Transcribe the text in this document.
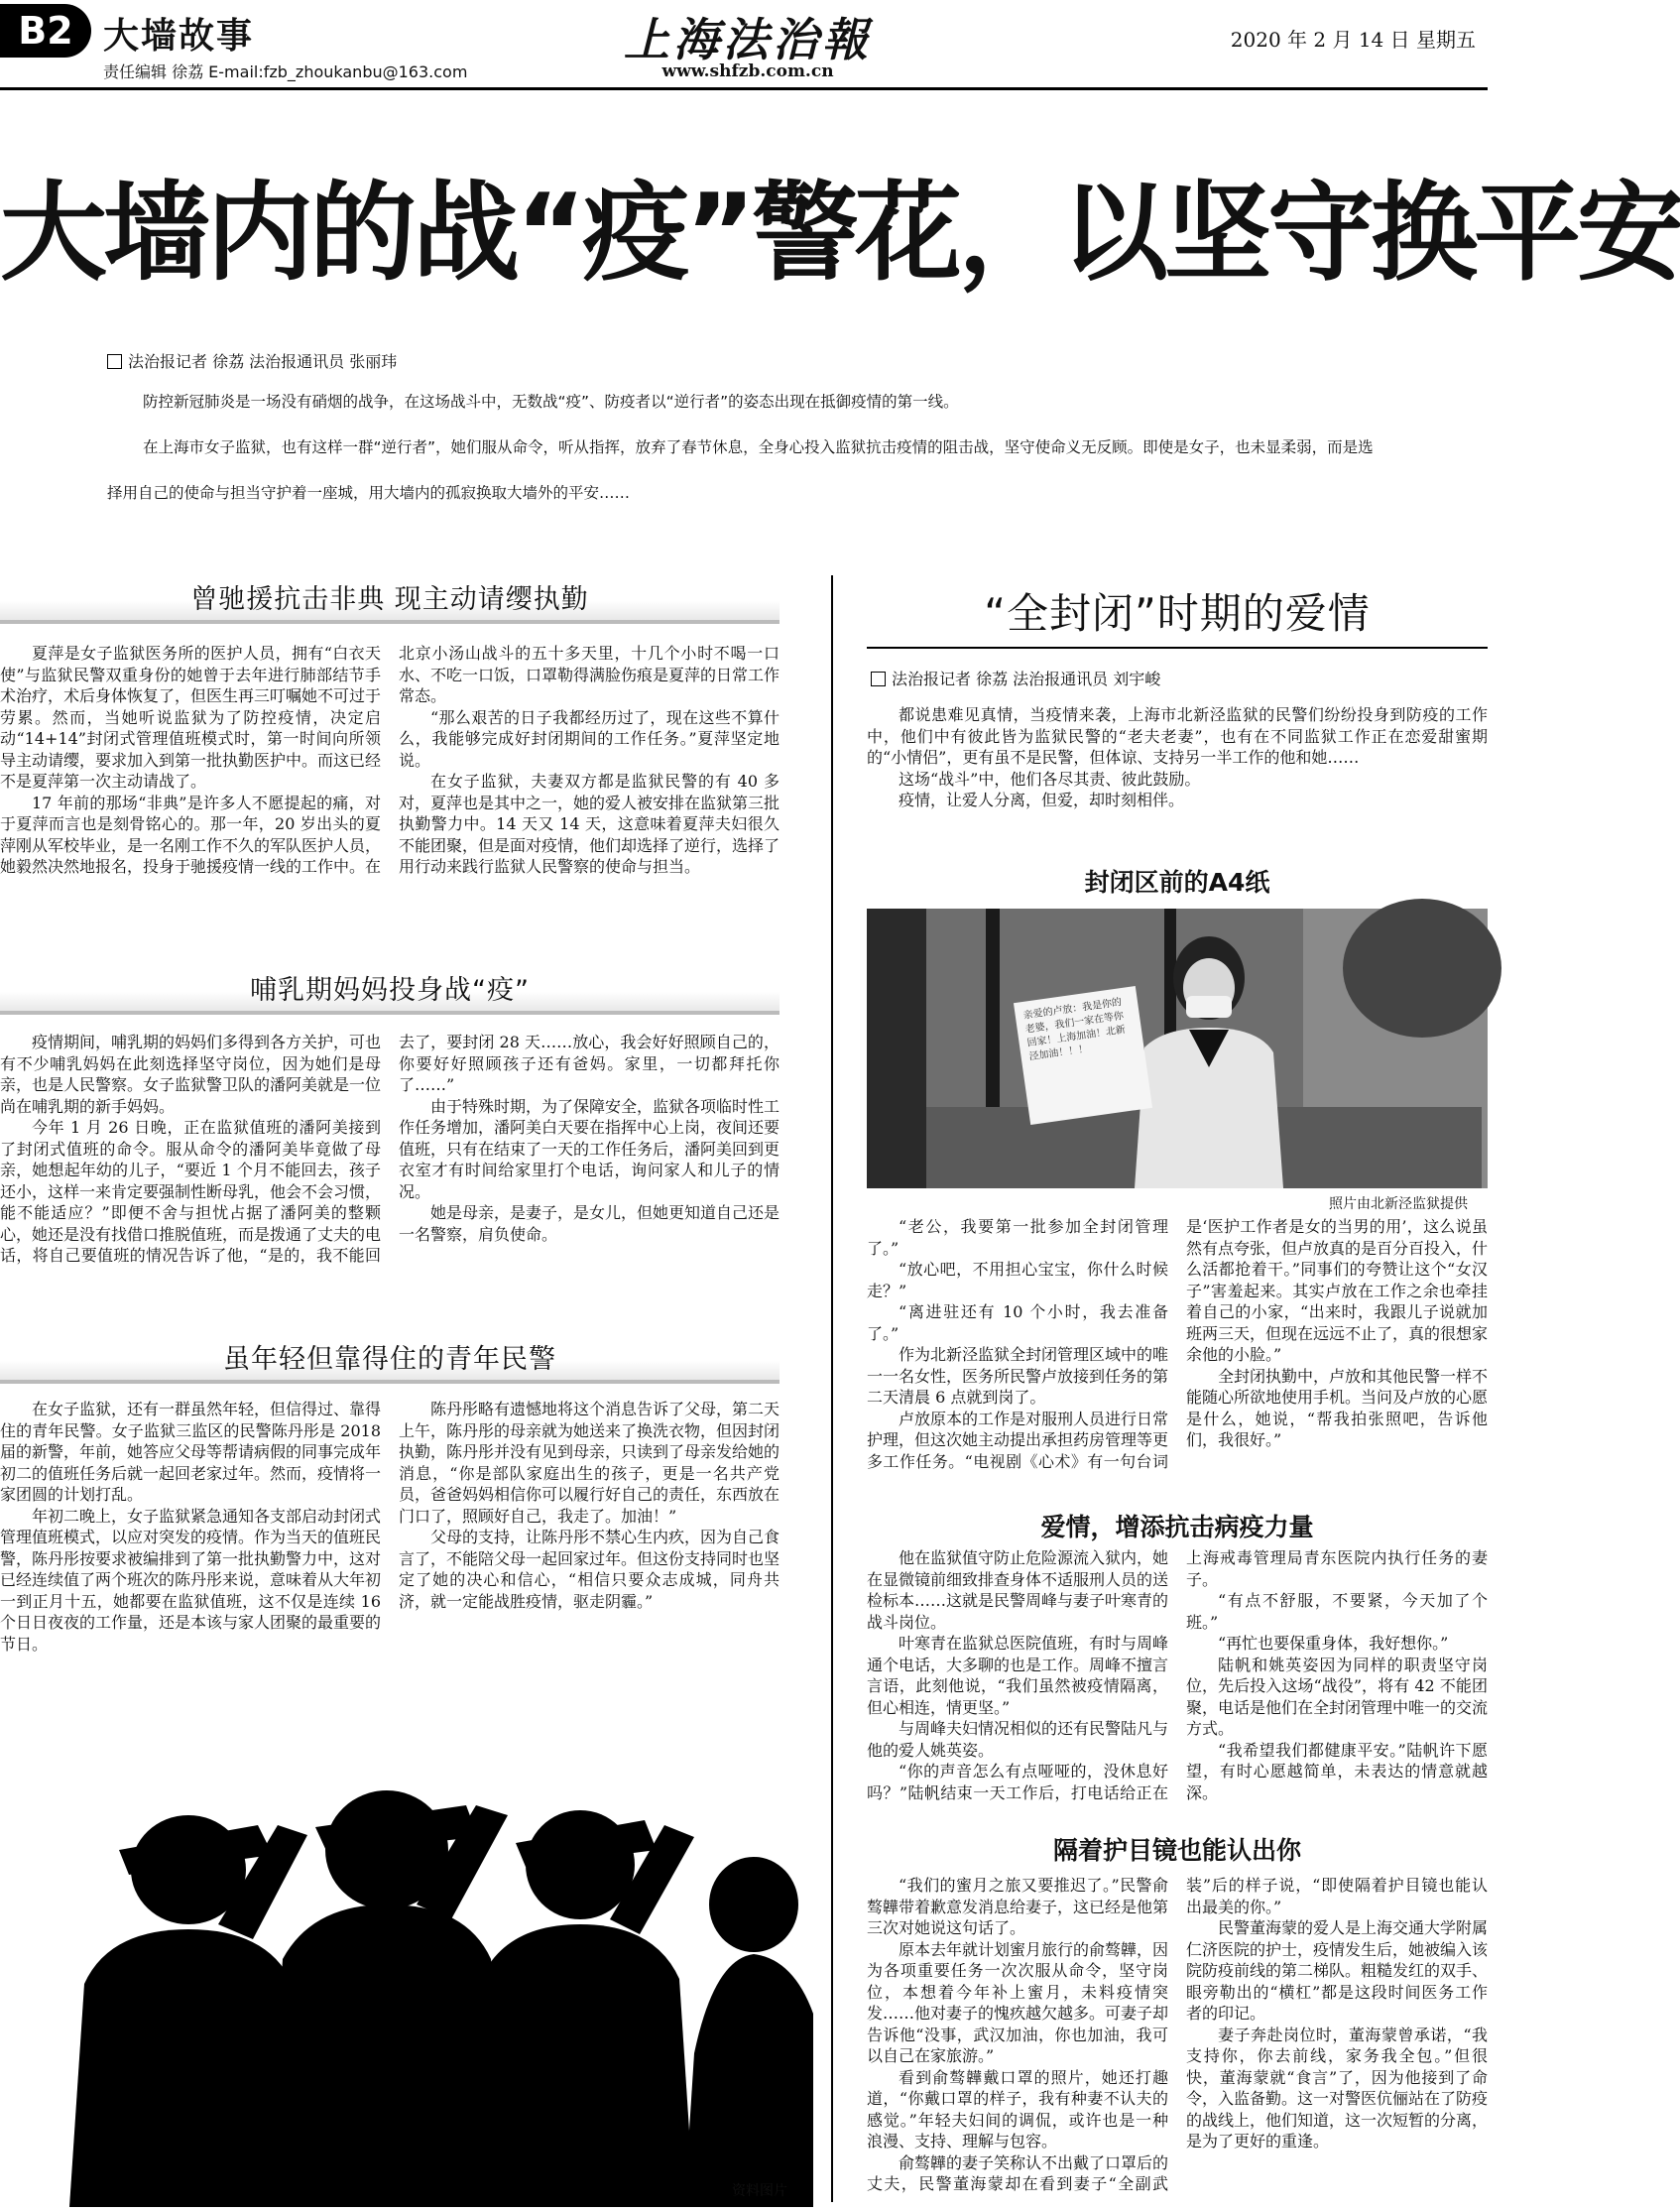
B2 大墙故事
责任编辑 徐荔 E-mail:fzb_zhoukanbu@163.com
上海法治報
www.shfzb.com.cn
2020 年 2 月 14 日 星期五
大墙内的战“疫”警花，以坚守换平安
法治报记者 徐荔 法治报通讯员 张丽玮
防控新冠肺炎是一场没有硝烟的战争，在这场战斗中，无数战“疫”、防疫者以“逆行者”的姿态出现在抵御疫情的第一线。
在上海市女子监狱，也有这样一群“逆行者”，她们服从命令，听从指挥，放弃了春节休息，全身心投入监狱抗击疫情的阻击战，坚守使命义无反顾。即使是女子，也未显柔弱，而是选择用自己的使命与担当守护着一座城，用大墙内的孤寂换取大墙外的平安……
曾驰援抗击非典 现主动请缨执勤

夏萍是女子监狱医务所的医护人员，拥有“白衣天使”与监狱民警双重身份的她曾于去年进行肺部结节手术治疗，术后身体恢复了，但医生再三叮嘱她不可过于劳累。然而，当她听说监狱为了防控疫情，决定启动“14+14”封闭式管理值班模式时，第一时间向所领导主动请缨，要求加入到第一批执勤医护中。而这已经不是夏萍第一次主动请战了。

17 年前的那场“非典”是许多人不愿提起的痛，对于夏萍而言也是刻骨铭心的。那一年，20 岁出头的夏萍刚从军校毕业，是一名刚工作不久的军队医护人员，她毅然决然地报名，投身于驰援疫情一线的工作中。在北京小汤山战斗的五十多天里，十几个小时不喝一口水、不吃一口饭，口罩勒得满脸伤痕是夏萍的日常工作常态。

“那么艰苦的日子我都经历过了，现在这些不算什么，我能够完成好封闭期间的工作任务。”夏萍坚定地说。

在女子监狱，夫妻双方都是监狱民警的有 40 多对，夏萍也是其中之一，她的爱人被安排在监狱第三批执勤警力中。14 天又 14 天，这意味着夏萍夫妇很久不能团聚，但是面对疫情，他们却选择了逆行，选择了用行动来践行监狱人民警察的使命与担当。

哺乳期妈妈投身战“疫”

疫情期间，哺乳期的妈妈们多得到各方关护，可也有不少哺乳妈妈在此刻选择坚守岗位，因为她们是母亲，也是人民警察。女子监狱警卫队的潘阿美就是一位尚在哺乳期的新手妈妈。

今年 1 月 26 日晚，正在监狱值班的潘阿美接到了封闭式值班的命令。服从命令的潘阿美毕竟做了母亲，她想起年幼的儿子，“要近 1 个月不能回去，孩子还小，这样一来肯定要强制性断母乳，他会不会习惯，能不能适应？”即便不舍与担忧占据了潘阿美的整颗心，她还是没有找借口推脱值班，而是拨通了丈夫的电话，将自己要值班的情况告诉了他，“是的，我不能回去了，要封闭 28 天……放心，我会好好照顾自己的，你要好好照顾孩子还有爸妈。家里，一切都拜托你了……”

由于特殊时期，为了保障安全，监狱各项临时性工作任务增加，潘阿美白天要在指挥中心上岗，夜间还要值班，只有在结束了一天的工作任务后，潘阿美回到更衣室才有时间给家里打个电话，询问家人和儿子的情况。

她是母亲，是妻子，是女儿，但她更知道自己还是一名警察，肩负使命。

虽年轻但靠得住的青年民警

在女子监狱，还有一群虽然年轻，但信得过、靠得住的青年民警。女子监狱三监区的民警陈丹彤是 2018 届的新警，年前，她答应父母等帮请病假的同事完成年初二的值班任务后就一起回老家过年。然而，疫情将一家团圆的计划打乱。

年初二晚上，女子监狱紧急通知各支部启动封闭式管理值班模式，以应对突发的疫情。作为当天的值班民警，陈丹彤按要求被编排到了第一批执勤警力中，这对已经连续值了两个班次的陈丹彤来说，意味着从大年初一到正月十五，她都要在监狱值班，这不仅是连续 16 个日日夜夜的工作量，还是本该与家人团聚的最重要的节日。

陈丹彤略有遗憾地将这个消息告诉了父母，第二天上午，陈丹彤的母亲就为她送来了换洗衣物，但因封闭执勤，陈丹彤并没有见到母亲，只读到了母亲发给她的消息，“你是部队家庭出生的孩子，更是一名共产党员，爸爸妈妈相信你可以履行好自己的责任，东西放在门口了，照顾好自己，我走了。加油！”

父母的支持，让陈丹彤不禁心生内疚，因为自己食言了，不能陪父母一起回家过年。但这份支持同时也坚定了她的决心和信心，“相信只要众志成城，同舟共济，就一定能战胜疫情，驱走阴霾。”

资料图片
“全封闭”时期的爱情
法治报记者 徐荔 法治报通讯员 刘宇峻

都说患难见真情，当疫情来袭，上海市北新泾监狱的民警们纷纷投身到防疫的工作中，他们中有彼此皆为监狱民警的“老夫老妻”，也有在不同监狱工作正在恋爱甜蜜期的“小情侣”，更有虽不是民警，但体谅、支持另一半工作的他和她……

这场“战斗”中，他们各尽其责、彼此鼓励。

疫情，让爱人分离，但爱，却时刻相伴。

封闭区前的A4纸
亲爱的卢放：我是你的老婆，我们一家在等你回家！上海加油！北新泾加油！！！
照片由北新泾监狱提供

“老公，我要第一批参加全封闭管理了。”

“放心吧，不用担心宝宝，你什么时候走？”

“离进驻还有 10 个小时，我去准备了。”

作为北新泾监狱全封闭管理区域中的唯一一名女性，医务所民警卢放接到任务的第二天清晨 6 点就到岗了。

卢放原本的工作是对服刑人员进行日常护理，但这次她主动提出承担药房管理等更多工作任务。“电视剧《心术》有一句台词是‘医护工作者是女的当男的用’，这么说虽然有点夸张，但卢放真的是百分百投入，什么活都抢着干。”同事们的夸赞让这个“女汉子”害羞起来。其实卢放在工作之余也牵挂着自己的小家，“出来时，我跟儿子说就加班两三天，但现在远远不止了，真的很想家余他的小脸。”

全封闭执勤中，卢放和其他民警一样不能随心所欲地使用手机。当问及卢放的心愿是什么，她说，“帮我拍张照吧，告诉他们，我很好。”

爱情，增添抗击病疫力量

他在监狱值守防止危险源流入狱内，她在显微镜前细致排查身体不适服刑人员的送检标本……这就是民警周峰与妻子叶寒青的战斗岗位。

叶寒青在监狱总医院值班，有时与周峰通个电话，大多聊的也是工作。周峰不擅言言语，此刻他说，“我们虽然被疫情隔离，但心相连，情更坚。”

与周峰夫妇情况相似的还有民警陆凡与他的爱人姚英姿。

“你的声音怎么有点哑哑的，没休息好吗？”陆帆结束一天工作后，打电话给正在上海戒毒管理局青东医院内执行任务的妻子。

“有点不舒服，不要紧，今天加了个班。”

“再忙也要保重身体，我好想你。”

陆帆和姚英姿因为同样的职责坚守岗位，先后投入这场“战役”，将有 42 不能团聚，电话是他们在全封闭管理中唯一的交流方式。

“我希望我们都健康平安。”陆帆许下愿望，有时心愿越简单，未表达的情意就越深。

隔着护目镜也能认出你

“我们的蜜月之旅又要推迟了。”民警俞骜韡带着歉意发消息给妻子，这已经是他第三次对她说这句话了。

原本去年就计划蜜月旅行的俞骜韡，因为各项重要任务一次次服从命令，坚守岗位，本想着今年补上蜜月，未料疫情突发……他对妻子的愧疚越欠越多。可妻子却告诉他“没事，武汉加油，你也加油，我可以自己在家旅游。”

看到俞骜韡戴口罩的照片，她还打趣道，“你戴口罩的样子，我有种妻不认夫的感觉。”年轻夫妇间的调侃，或许也是一种浪漫、支持、理解与包容。

俞骜韡的妻子笑称认不出戴了口罩后的丈夫，民警董海蒙却在看到妻子“全副武装”后的样子说，“即使隔着护目镜也能认出最美的你。”

民警董海蒙的爱人是上海交通大学附属仁济医院的护士，疫情发生后，她被编入该院防疫前线的第二梯队。粗糙发红的双手、眼旁勒出的“横杠”都是这段时间医务工作者的印记。

妻子奔赴岗位时，董海蒙曾承诺，“我支持你，你去前线，家务我全包。”但很快，董海蒙就“食言”了，因为他接到了命令，入监备勤。这一对警医伉俪站在了防疫的战线上，他们知道，这一次短暂的分离，是为了更好的重逢。
